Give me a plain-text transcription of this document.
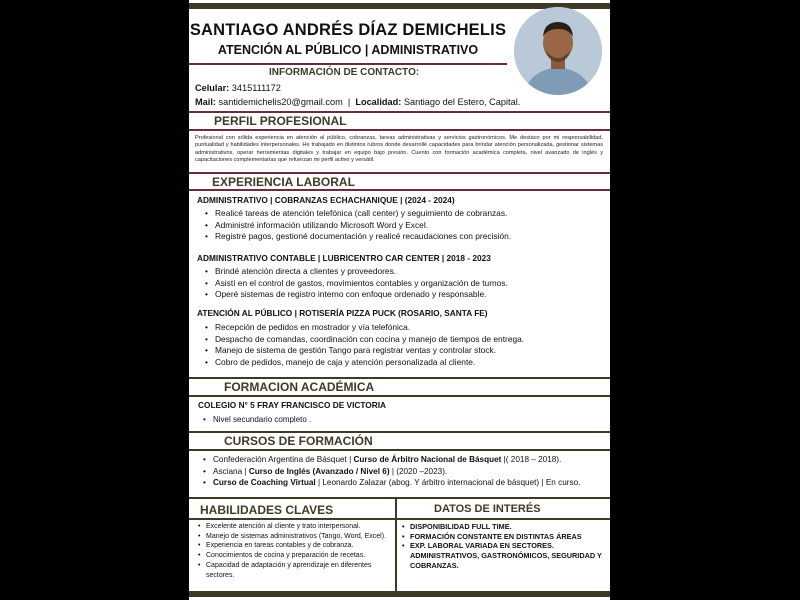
SANTIAGO ANDRÉS DÍAZ DEMICHELIS
ATENCIÓN AL PÚBLICO | ADMINISTRATIVO
INFORMACIÓN DE CONTACTO:
Celular: 3415111172
Mail: santidemichelis20@gmail.com | Localidad: Santiago del Estero, Capital.
PERFIL PROFESIONAL
Profesional con sólida experiencia en atención al público, cobranzas, tareas administrativas y servicios gastronómicos. Me destaco por mi responsabilidad, puntualidad y habilidades interpersonales. He trabajado en distintos rubros donde desarrollé capacidades para brindar atención personalizada, gestionar sistemas administrativos, operar herramientas digitales y trabajar en equipo bajo presión. Cuento con formación académica completa, nivel avanzado de inglés y capacitaciones complementarias que refuerzan mi perfil activo y versátil.
EXPERIENCIA LABORAL
ADMINISTRATIVO | COBRANZAS ECHACHANIQUE | (2024 - 2024)
• Realicé tareas de atención telefónica (call center) y seguimiento de cobranzas.
• Administré información utilizando Microsoft Word y Excel.
• Registré pagos, gestioné documentación y realicé recaudaciones con precisión.
ADMINISTRATIVO CONTABLE | LUBRICENTRO CAR CENTER | 2018 - 2023
• Brindé atención directa a clientes y proveedores.
• Asistí en el control de gastos, movimientos contables y organización de turnos.
• Operé sistemas de registro interno con enfoque ordenado y responsable.
ATENCIÓN AL PÚBLICO | ROTISERÍA PIZZA PUCK (ROSARIO, SANTA FE)
• Recepción de pedidos en mostrador y vía telefónica.
• Despacho de comandas, coordinación con cocina y manejo de tiempos de entrega.
• Manejo de sistema de gestión Tango para registrar ventas y controlar stock.
• Cobro de pedidos, manejo de caja y atención personalizada al cliente.
FORMACION ACADÉMICA
COLEGIO N° 5 FRAY FRANCISCO DE VICTORIA
• Nivel secundario completo .
CURSOS DE FORMACIÓN
• Confederación Argentina de Básquet | Curso de Árbitro Nacional de Básquet |( 2018 – 2018).
• Asciana | Curso de Inglés (Avanzado / Nivel 6) | (2020 –2023).
• Curso de Coaching Virtual | Leonardo Zalazar (abog. Y árbitro internacional de básquet) | En curso.
HABILIDADES CLAVES
• Excelente atención al cliente y trato interpersonal.
• Manejo de sistemas administrativos (Tango, Word, Excel).
• Experiencia en tareas contables y de cobranza.
• Conocimientos de cocina y preparación de recetas.
• Capacidad de adaptación y aprendizaje en diferentes sectores.
DATOS DE INTERÉS
• DISPONIBILIDAD FULL TIME.
• FORMACIÓN CONSTANTE EN DISTINTAS ÁREAS
• EXP. LABORAL VARIADA EN SECTORES. ADMINISTRATIVOS, GASTRONÓMICOS, SEGURIDAD Y COBRANZAS.
